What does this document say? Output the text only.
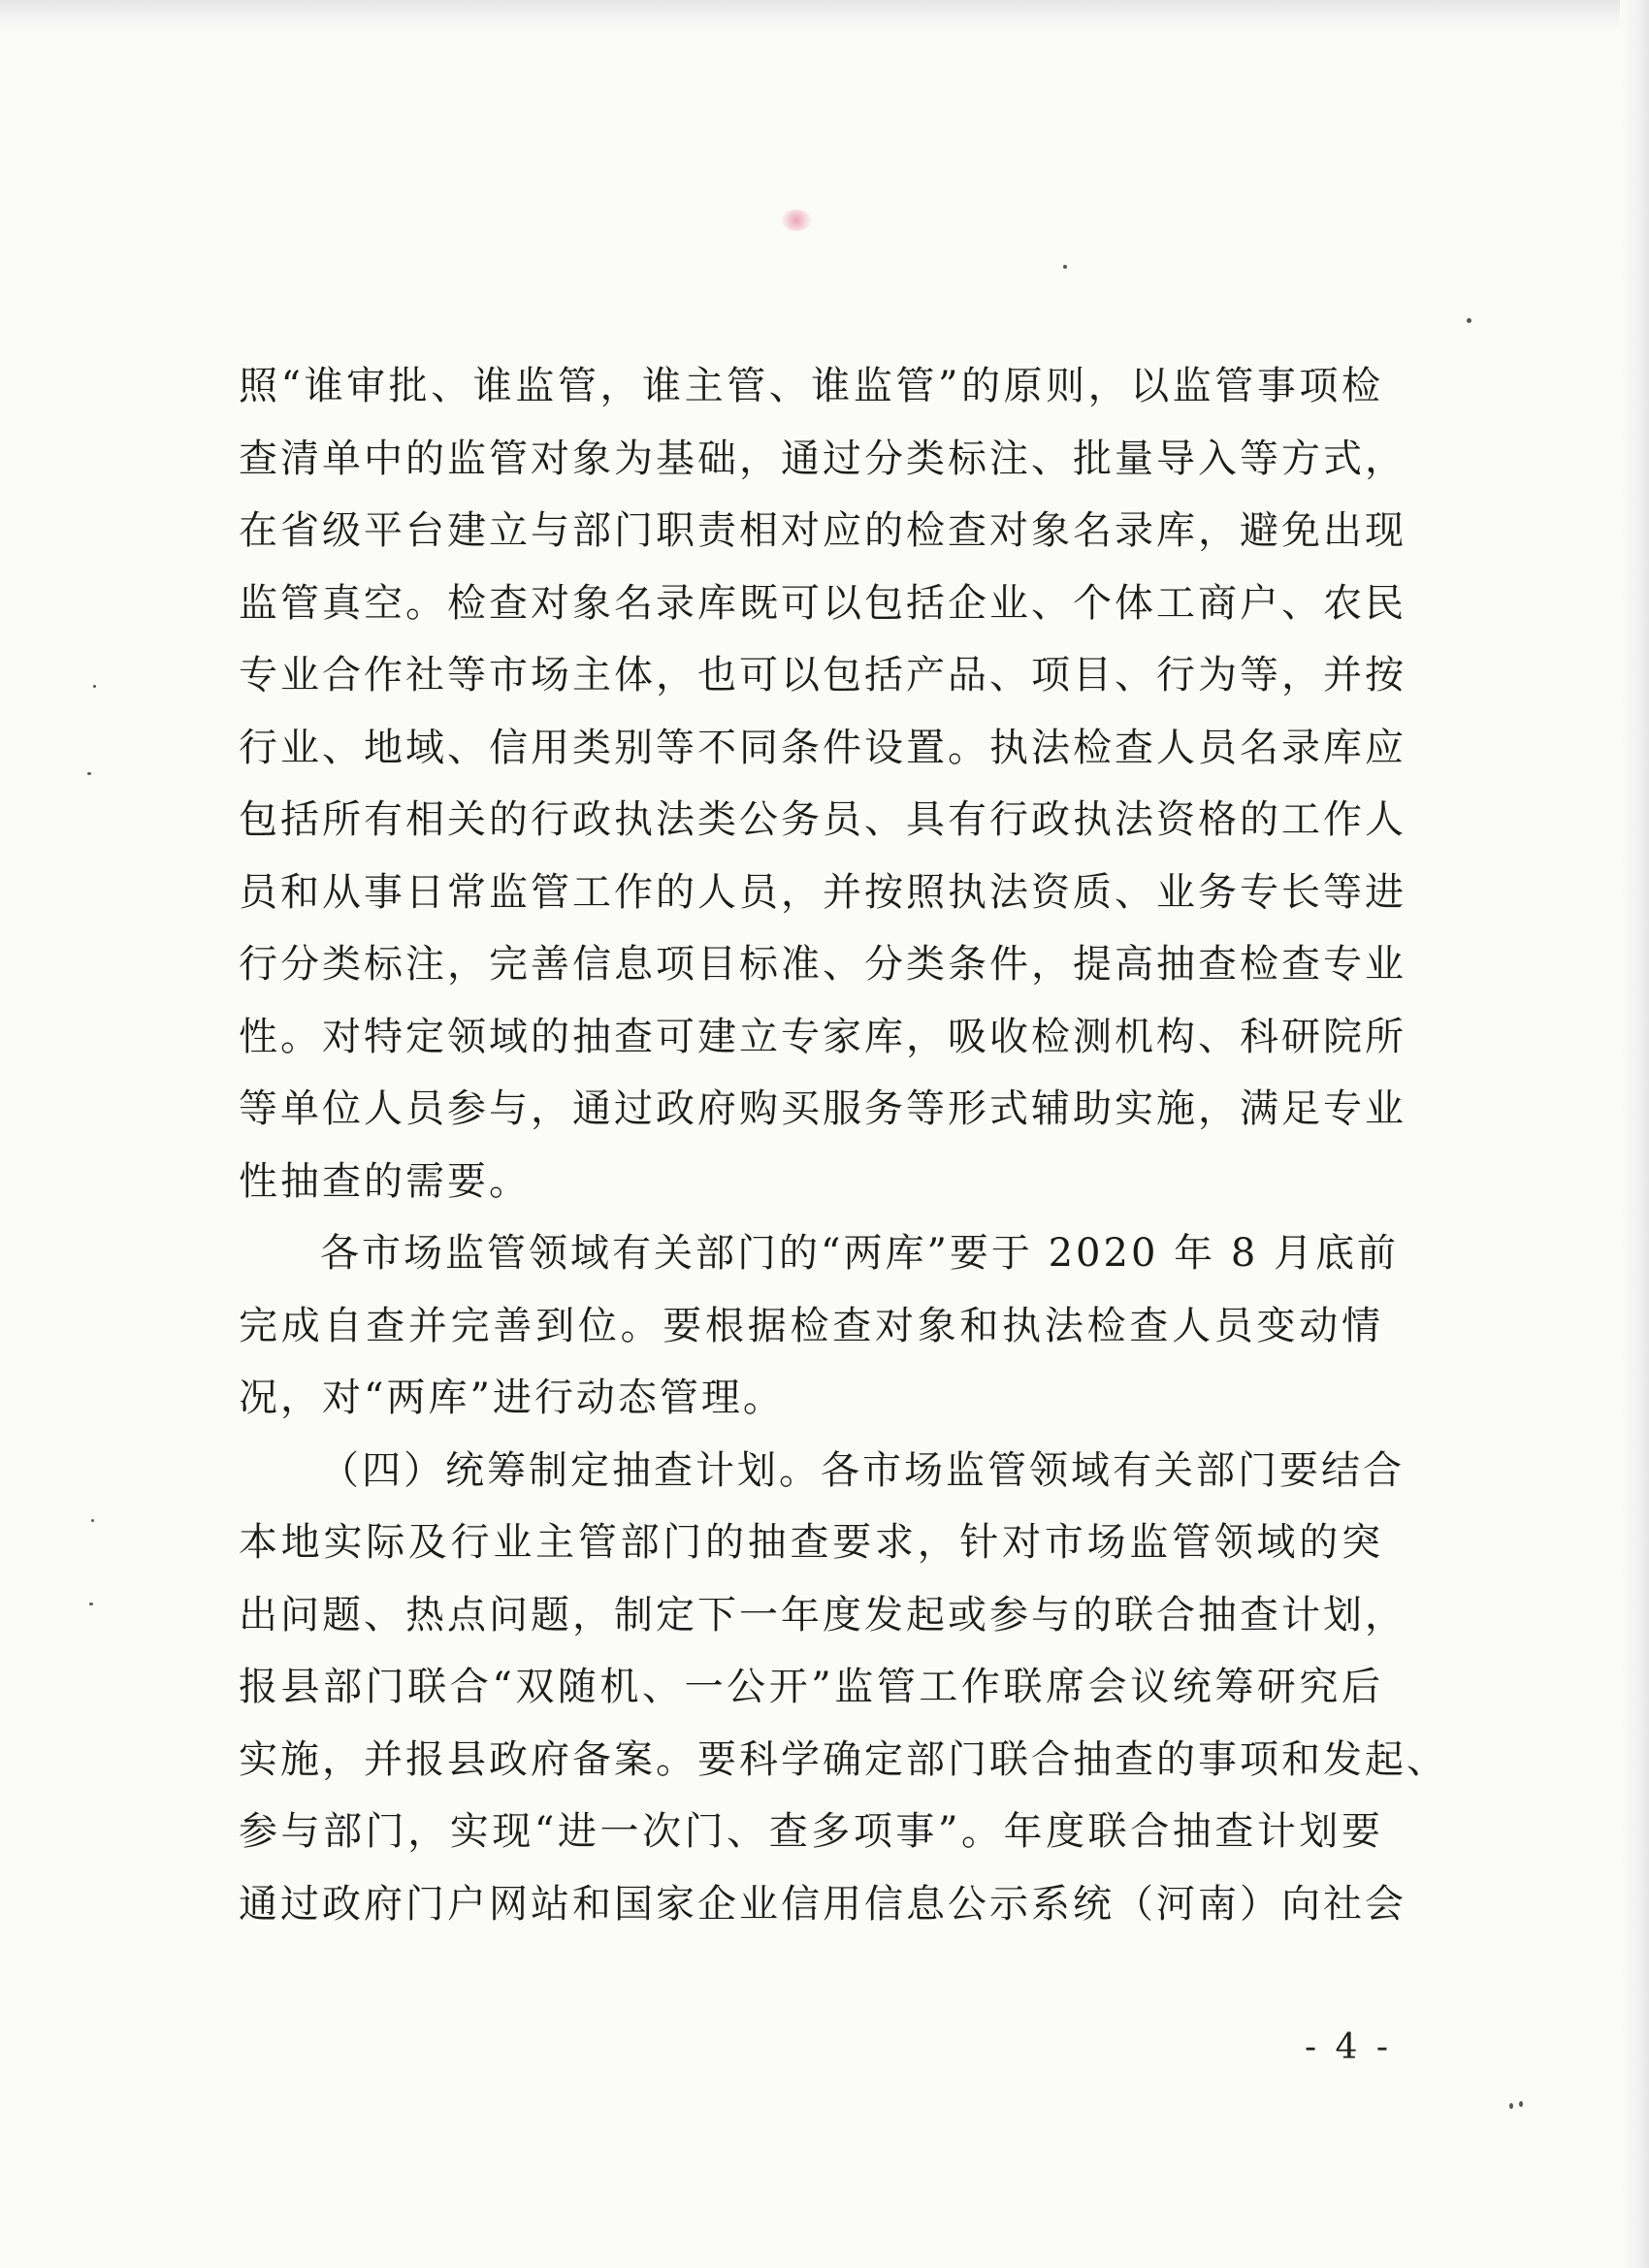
照“谁审批、谁监管，谁主管、谁监管”的原则，以监管事项检
查清单中的监管对象为基础，通过分类标注、批量导入等方式，
在省级平台建立与部门职责相对应的检查对象名录库，避免出现
监管真空。检查对象名录库既可以包括企业、个体工商户、农民
专业合作社等市场主体，也可以包括产品、项目、行为等，并按
行业、地域、信用类别等不同条件设置。执法检查人员名录库应
包括所有相关的行政执法类公务员、具有行政执法资格的工作人
员和从事日常监管工作的人员，并按照执法资质、业务专长等进
行分类标注，完善信息项目标准、分类条件，提高抽查检查专业
性。对特定领域的抽查可建立专家库，吸收检测机构、科研院所
等单位人员参与，通过政府购买服务等形式辅助实施，满足专业
性抽查的需要。
各市场监管领域有关部门的“两库”要于 2020 年 8 月底前
完成自查并完善到位。要根据检查对象和执法检查人员变动情
况，对“两库”进行动态管理。
（四）统筹制定抽查计划。各市场监管领域有关部门要结合
本地实际及行业主管部门的抽查要求，针对市场监管领域的突
出问题、热点问题，制定下一年度发起或参与的联合抽查计划，
报县部门联合“双随机、一公开”监管工作联席会议统筹研究后
实施，并报县政府备案。要科学确定部门联合抽查的事项和发起、
参与部门，实现“进一次门、查多项事”。年度联合抽查计划要
通过政府门户网站和国家企业信用信息公示系统（河南）向社会
- 4 -
